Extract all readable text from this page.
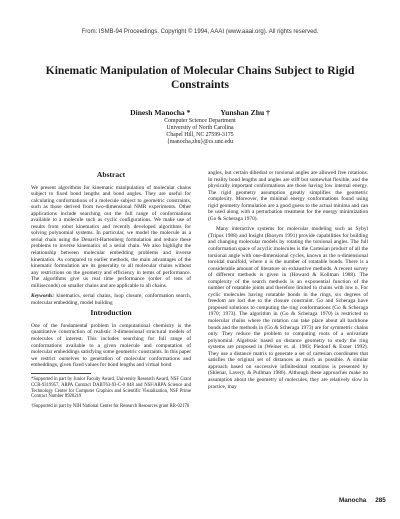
From: ISMB-94 Proceedings. Copyright © 1994, AAAI (www.aaai.org). All rights reserved.
Kinematic Manipulation of Molecular Chains Subject to Rigid
Constraints
Dinesh Manocha *	Yunshan Zhu †
Computer Science Department
University of North Carolina
Chapel Hill, NC 27599-3175
{manocha,zhu}@cs.unc.edu
Abstract

We present algorithms for kinematic manipulation of molecular chains subject to fixed bond lengths and bond angles. They are useful for calculating conformations of a molecule subject to geometric constraints, such as those derived from two-dimensional NMR experiments. Other applications include searching out the full range of conformations available to a molecule such as cyclic configurations. We make use of results from robot kinematics and recently developed algorithms for solving polynomial systems. In particular, we model the molecule as a serial chain using the Denavit-Hartenberg formulation and reduce these problems to inverse kinematics of a serial chain. We also highlight the relationship between molecular embedding problems and inverse kinematics. As compared to earlier methods, the main advantages of the kinematic formulation are its generality to all molecular chains without any restrictions on the geometry and efficiency in terms of performance. The algorithms give us real time performance (order of tens of milliseconds) on smaller chains and are applicable to all chains.

Keywords: kinematics, serial chains, loop closure, conformation search, molecular embedding, model building

Introduction

One of the fundamental problem in computational chemistry is the quantitative construction of realistic 3-dimensional structural models of molecules of interest. This includes searching for full range of conformations available to a given molecule and computation of molecular embeddings satisfying some geometric constraints. In this paper we restrict ourselves to generation of molecular conformations and embeddings, given fixed values for bond lengths and virtual bond

*Supported in part by Junior Faculty Award, University Research Award, NSF Grant CCR-9319957, ARPA Contract DABT63-93-C-0 048 and NSF/ARPA Science and Technology Center for Computer Graphics and Scientific Visualization, NSF Prime Contract Number 8920219

†Supported in part by NIH National Center for Research Resources grant RR-02170

angles, but certain dihedral or torsional angles are allowed free rotations. In reality bond lengths and angles are stiff but somewhat flexible, and the physically important conformations are those having low internal energy. The rigid geometry assumption greatly simplifies the geometric complexity. Moreover, the minimal energy conformations found using rigid geometry formulation are a good guess to the actual minima and can be used along with a perturbation treatment for the energy minimization (Go & Scheraga 1970).

Many interactive systems for molecular modeling such as Sybyl (Tripos 1988) and Insight (Biosym 1991) provide capabilities for building and changing molecular models by rotating the torsional angles. The full conformation space of acyclic molecules is the Cartesian product of all the torsional angle with one-dimensional cycles, known as the n-dimensional toroidal manifold, where n is the number of rotatable bonds. There is a considerable amount of literature on exhaustive methods. A recent survey of different methods is given in (Howard & Kollman 1988). The complexity of the search methods is an exponential function of the number of rotatable joints and therefore limited to chains with low n. For cyclic molecules having rotatable bonds in the rings, six degrees of freedom are lost due to the closure constraint. Go and Scheraga have proposed solutions to computing the ring conformations (Go & Scheraga 1970; 1973). The algorithm in (Go & Scheraga 1970) is restricted to molecular chains where the rotation can take place about all backbone bonds and the methods in (Go & Scheraga 1973) are for symmetric chains only. They reduce the problem to computing roots of a univariate polynomial. Algebraic based on distance geometry to study the ring systems are proposed in (Weiner et. al. 1983; Piedonf & Exner 1992). They use a distance matrix to generate a set of cartesian coordinates that satisfies the original set of distances as much as possible. A similar approach based on successive infinitesimal rotations is presented by (Sklenar, Lavery, & Pullman 1986). Although these approaches make no assumption about the geometry of molecules, they are relatively slow in practice, may

Manocha 285
